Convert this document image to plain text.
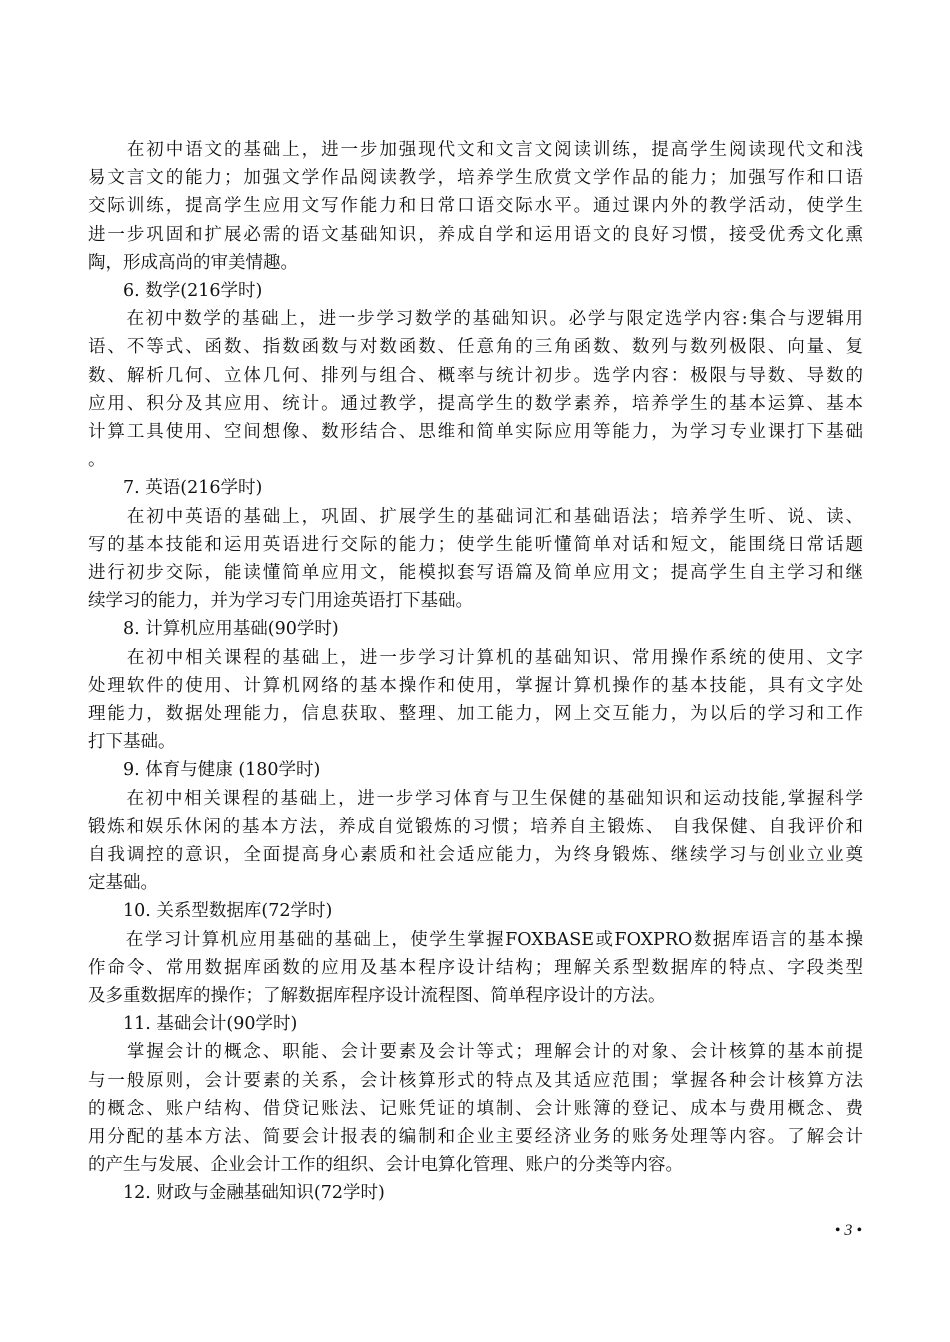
　　在初中语文的基础上，进一步加强现代文和文言文阅读训练，提高学生阅读现代文和浅
易文言文的能力；加强文学作品阅读教学，培养学生欣赏文学作品的能力；加强写作和口语
交际训练，提高学生应用文写作能力和日常口语交际水平。通过课内外的教学活动，使学生
进一步巩固和扩展必需的语文基础知识，养成自学和运用语文的良好习惯，接受优秀文化熏
陶，形成高尚的审美情趣。
　　6. 数学(216学时)
　　在初中数学的基础上，进一步学习数学的基础知识。必学与限定选学内容:集合与逻辑用
语、不等式、函数、指数函数与对数函数、任意角的三角函数、数列与数列极限、向量、复
数、解析几何、立体几何、排列与组合、概率与统计初步。选学内容：极限与导数、导数的
应用、积分及其应用、统计。通过教学，提高学生的数学素养，培养学生的基本运算、基本
计算工具使用、空间想像、数形结合、思维和简单实际应用等能力，为学习专业课打下基础
。
　　7. 英语(216学时)
　　在初中英语的基础上，巩固、扩展学生的基础词汇和基础语法；培养学生听、说、读、
写的基本技能和运用英语进行交际的能力；使学生能听懂简单对话和短文，能围绕日常话题
进行初步交际，能读懂简单应用文，能模拟套写语篇及简单应用文；提高学生自主学习和继
续学习的能力，并为学习专门用途英语打下基础。
　　8. 计算机应用基础(90学时)
　　在初中相关课程的基础上，进一步学习计算机的基础知识、常用操作系统的使用、文字
处理软件的使用、计算机网络的基本操作和使用，掌握计算机操作的基本技能，具有文字处
理能力，数据处理能力，信息获取、整理、加工能力，网上交互能力，为以后的学习和工作
打下基础。
　　9. 体育与健康 (180学时)
　　在初中相关课程的基础上，进一步学习体育与卫生保健的基础知识和运动技能,掌握科学
锻炼和娱乐休闲的基本方法，养成自觉锻炼的习惯；培养自主锻炼、 自我保健、自我评价和
自我调控的意识，全面提高身心素质和社会适应能力，为终身锻炼、继续学习与创业立业奠
定基础。
　　10. 关系型数据库(72学时)
　　在学习计算机应用基础的基础上，使学生掌握FOXBASE或FOXPRO数据库语言的基本操
作命令、常用数据库函数的应用及基本程序设计结构；理解关系型数据库的特点、字段类型
及多重数据库的操作；了解数据库程序设计流程图、简单程序设计的方法。
　　11. 基础会计(90学时)
　　掌握会计的概念、职能、会计要素及会计等式；理解会计的对象、会计核算的基本前提
与一般原则，会计要素的关系，会计核算形式的特点及其适应范围；掌握各种会计核算方法
的概念、账户结构、借贷记账法、记账凭证的填制、会计账簿的登记、成本与费用概念、费
用分配的基本方法、简要会计报表的编制和企业主要经济业务的账务处理等内容。了解会计
的产生与发展、企业会计工作的组织、会计电算化管理、账户的分类等内容。
　　12. 财政与金融基础知识(72学时)
• 3 •
